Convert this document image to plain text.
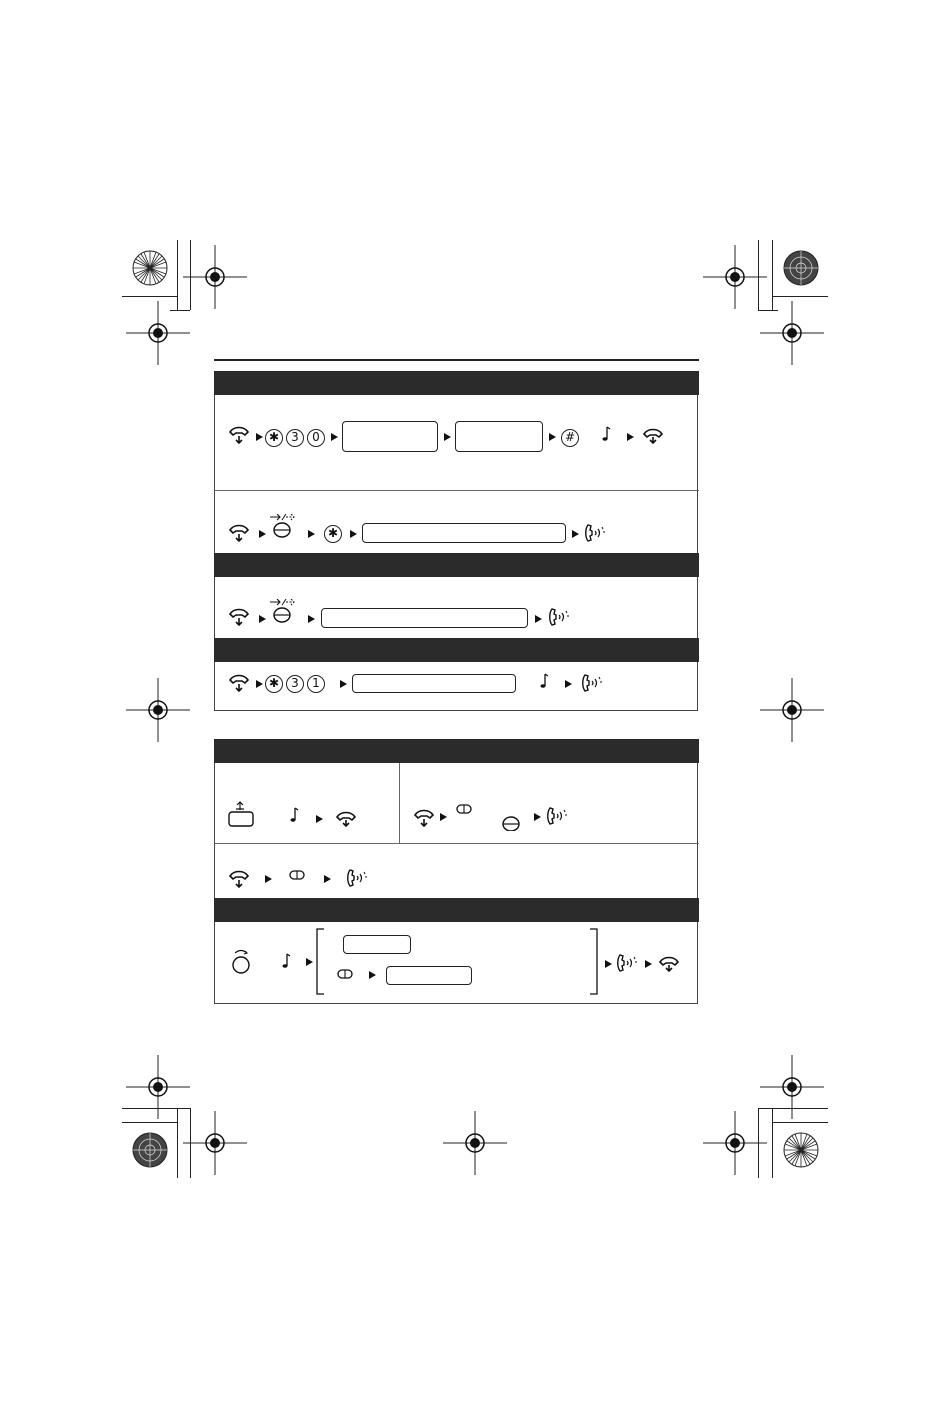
✱	3	0	#
✱
✱	3	1
